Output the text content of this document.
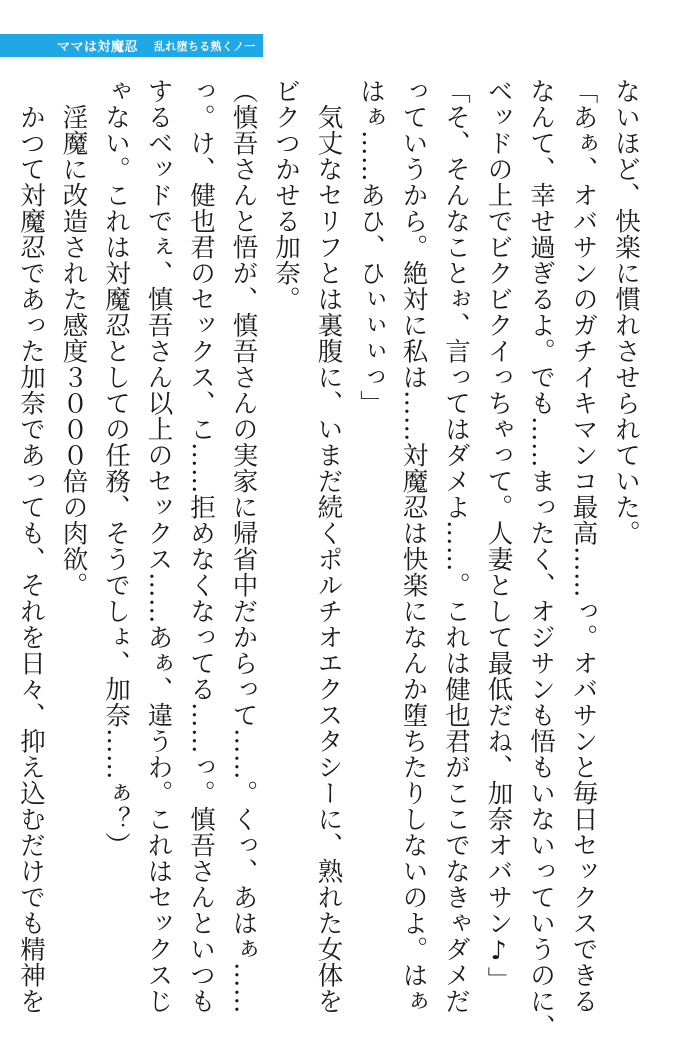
ママは対魔忍 乱れ堕ちる熟くノ一

ないほど、快楽に慣れさせられていた。

「あぁ、オバサンのガチイキマンコ最高……っ。オバサンと毎日セックスできる

なんて、幸せ過ぎるよ。でも……まったく、オジサンも悟もいないっていうのに、

ベッドの上でビクビクイっちゃって。人妻として最低だね、加奈オバサン♪」

「そ、そんなことぉ、言ってはダメよ……。これは健也君がここでなきゃダメだ

っていうから。絶対に私は……対魔忍は快楽になんか堕ちたりしないのよ。はぁ

はぁ……あひ、ひぃぃぃっ」

　気丈なセリフとは裏腹に、いまだ続くポルチオエクスタシーに、熟れた女体を

ビクつかせる加奈。

（慎吾さんと悟が、慎吾さんの実家に帰省中だからって……。くっ、あはぁ……

っ。け、健也君のセックス、こ……拒めなくなってる……っ。慎吾さんといつも

するベッドでぇ、慎吾さん以上のセックス……あぁ、違うわ。これはセックスじ

ゃない。これは対魔忍としての任務、そうでしょ、加奈……ぁ？）

　淫魔に改造された感度３０００倍の肉欲。

　かつて対魔忍であった加奈であっても、それを日々、抑え込むだけでも精神を
